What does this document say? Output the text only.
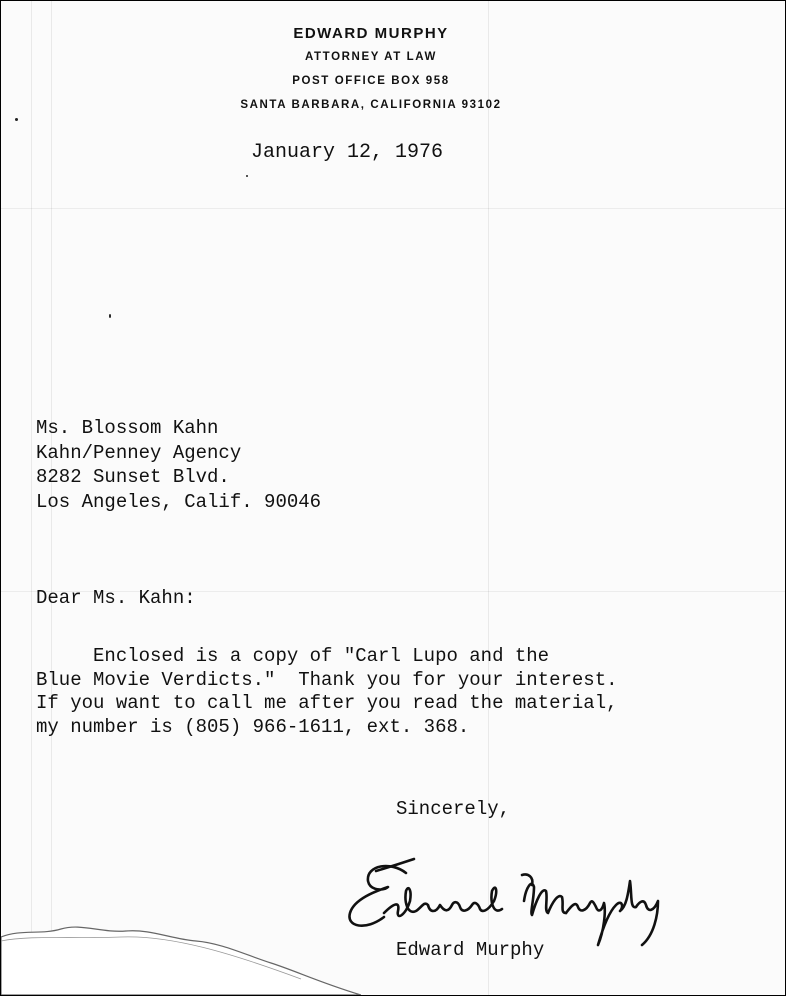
EDWARD MURPHY
ATTORNEY AT LAW
POST OFFICE BOX 958
SANTA BARBARA, CALIFORNIA 93102
January 12, 1976
Ms. Blossom Kahn
Kahn/Penney Agency
8282 Sunset Blvd.
Los Angeles, Calif. 90046
Dear Ms. Kahn:
Enclosed is a copy of "Carl Lupo and the
Blue Movie Verdicts."  Thank you for your interest.
If you want to call me after you read the material,
my number is (805) 966-1611, ext. 368.
Sincerely,
Edward Murphy
